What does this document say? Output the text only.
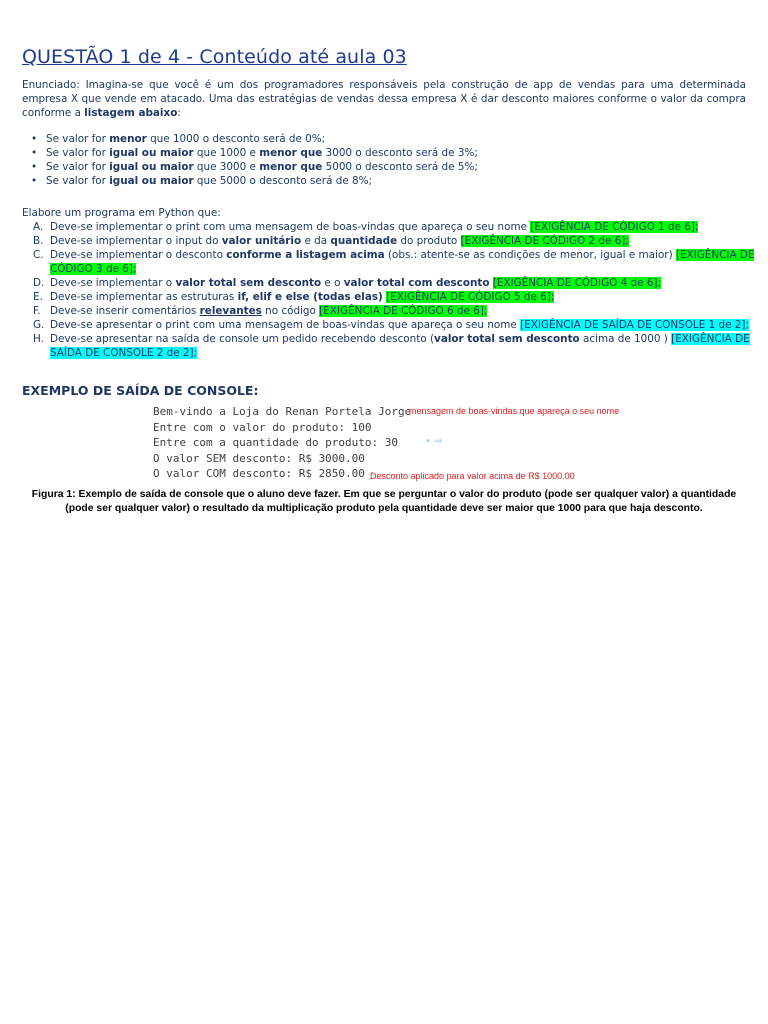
QUESTÃO 1 de 4 - Conteúdo até aula 03
Enunciado: Imagina-se que você é um dos programadores responsáveis pela construção de app de vendas para uma determinada empresa X que vende em atacado. Uma das estratégias de vendas dessa empresa X é dar desconto maiores conforme o valor da compra conforme a listagem abaixo:
• Se valor for menor que 1000 o desconto será de 0%;
• Se valor for igual ou maior que 1000 e menor que 3000 o desconto será de 3%;
• Se valor for igual ou maior que 3000 e menor que 5000 o desconto será de 5%;
• Se valor for igual ou maior que 5000 o desconto será de 8%;
Elabore um programa em Python que:
A. Deve-se implementar o print com uma mensagem de boas-vindas que apareça o seu nome [EXIGÊNCIA DE CÓDIGO 1 de 6];
B. Deve-se implementar o input do valor unitário e da quantidade do produto [EXIGÊNCIA DE CÓDIGO 2 de 6];
C. Deve-se implementar o desconto conforme a listagem acima (obs.: atente-se as condições de menor, igual e maior) [EXIGÊNCIA DE CÓDIGO 3 de 6];
D. Deve-se implementar o valor total sem desconto e o valor total com desconto [EXIGÊNCIA DE CÓDIGO 4 de 6];
E. Deve-se implementar as estruturas if, elif e else (todas elas) [EXIGÊNCIA DE CÓDIGO 5 de 6];
F. Deve-se inserir comentários relevantes no código [EXIGÊNCIA DE CÓDIGO 6 de 6];
G. Deve-se apresentar o print com uma mensagem de boas-vindas que apareça o seu nome [EXIGÊNCIA DE SAÍDA DE CONSOLE 1 de 2];
H. Deve-se apresentar na saída de console um pedido recebendo desconto (valor total sem desconto acima de 1000 ) [EXIGÊNCIA DE SAÍDA DE CONSOLE 2 de 2];
EXEMPLO DE SAÍDA DE CONSOLE:
Bem-vindo a Loja do Renan Portela Jorge
Entre com o valor do produto: 100
Entre com a quantidade do produto: 30
O valor SEM desconto: R$ 3000.00
O valor COM desconto: R$ 2850.00
mensagem de boas-vindas que apareça o seu nome
• ⇒
Desconto aplicado para valor acima de R$ 1000.00
Figura 1: Exemplo de saída de console que o aluno deve fazer. Em que se perguntar o valor do produto (pode ser qualquer valor) a quantidade (pode ser qualquer valor) o resultado da multiplicação produto pela quantidade deve ser maior que 1000 para que haja desconto.
